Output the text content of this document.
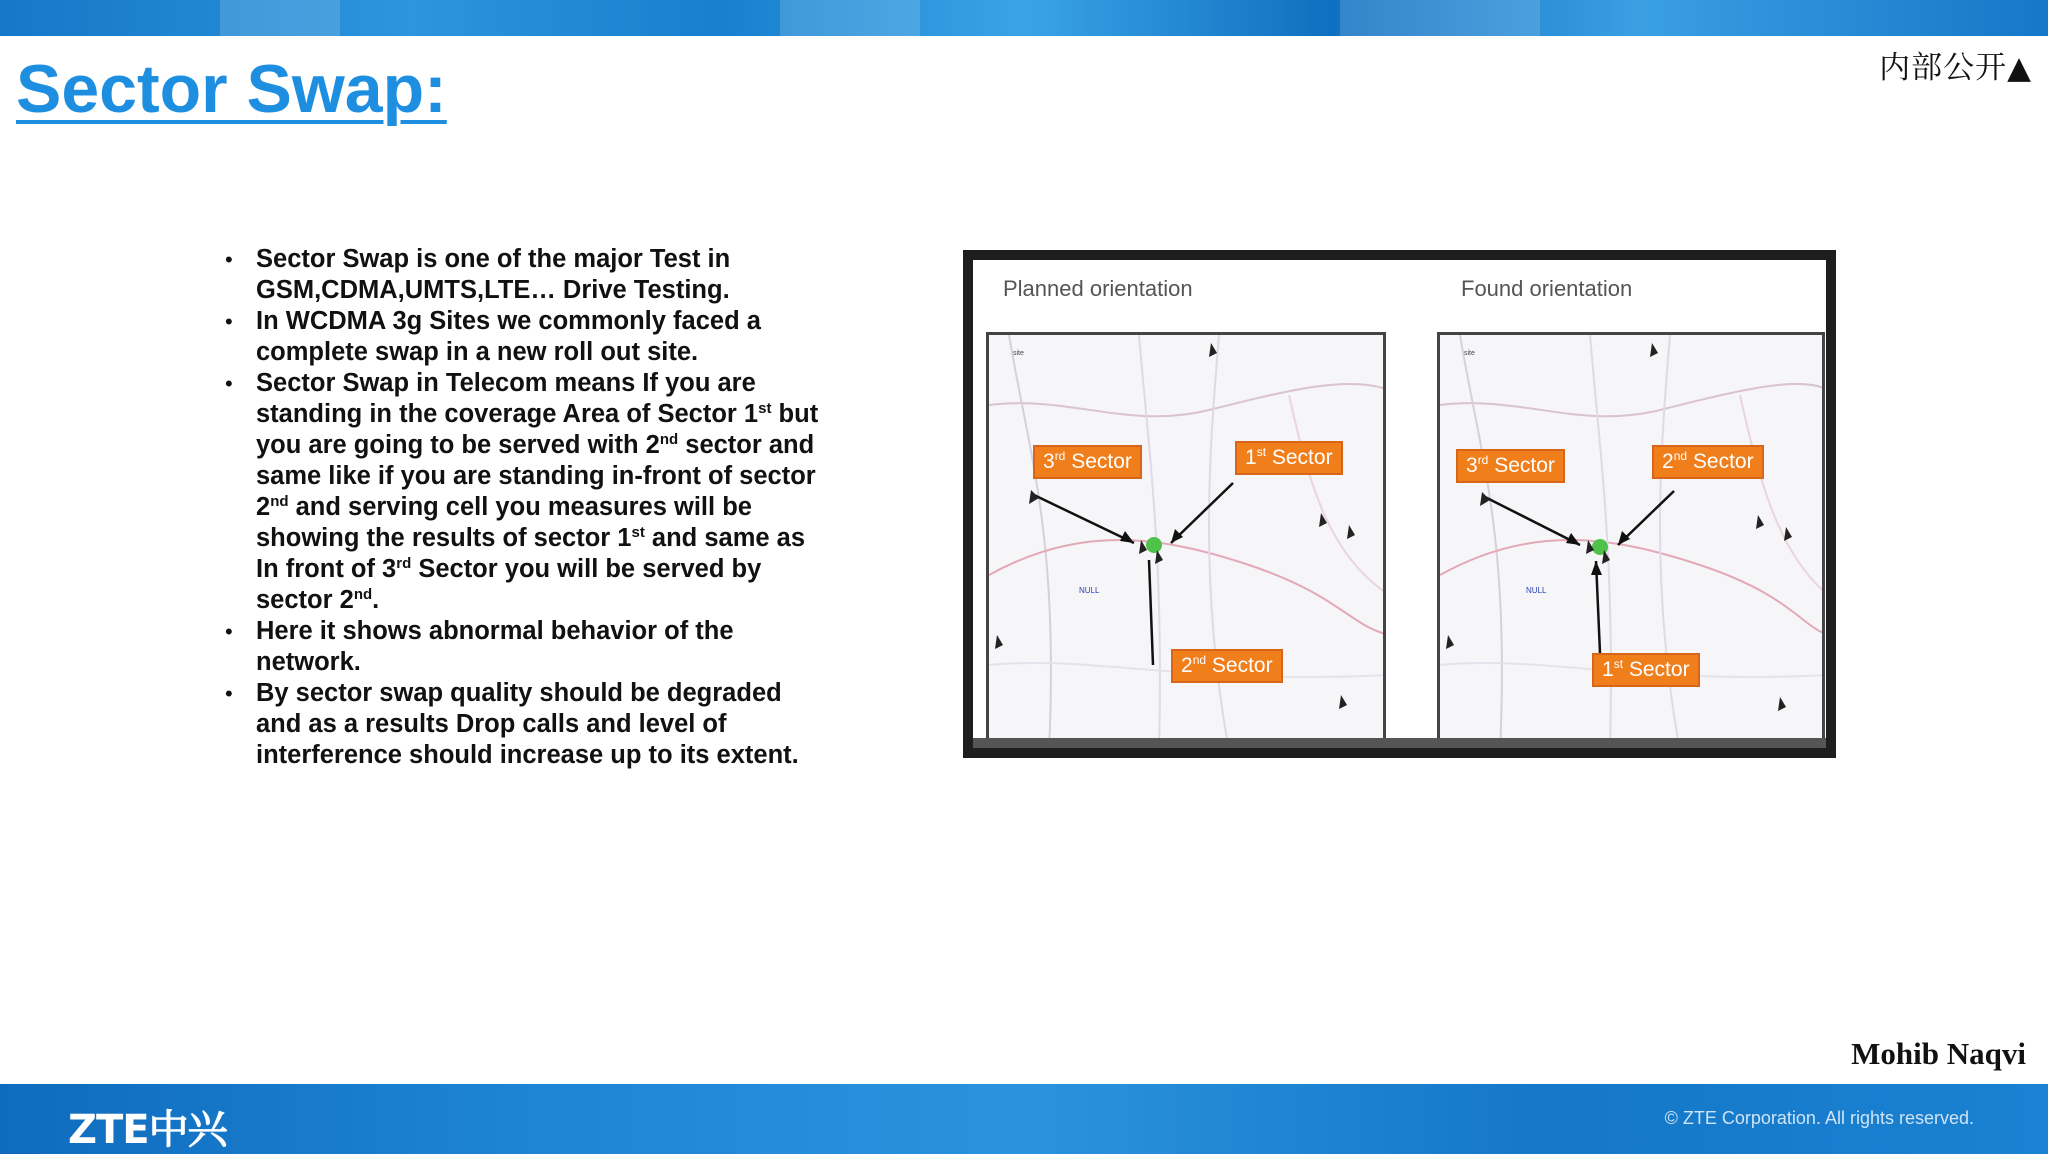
内部公开▲
Sector Swap:
• Sector Swap is one of the major Test in GSM,CDMA,UMTS,LTE… Drive Testing.
• In WCDMA 3g Sites we commonly faced a complete swap in a new roll out site.
• Sector Swap in Telecom means If you are standing in the coverage Area of Sector 1st but you are going to be served with 2nd sector and same like if you are standing in-front of sector 2nd and serving cell you measures will be showing the results of sector 1st and same as In front of 3rd Sector you will be served by sector 2nd.
• Here it shows abnormal behavior of the network.
• By sector swap quality should be degraded and as a results Drop calls and level of interference should increase up to its extent.
Planned orientation	Found orientation
NULL
site
3rd Sector	1st Sector
2nd Sector
NULL
site
3rd Sector	2nd Sector
1st Sector
Mohib Naqvi
ZTE中兴	© ZTE Corporation. All rights reserved.
